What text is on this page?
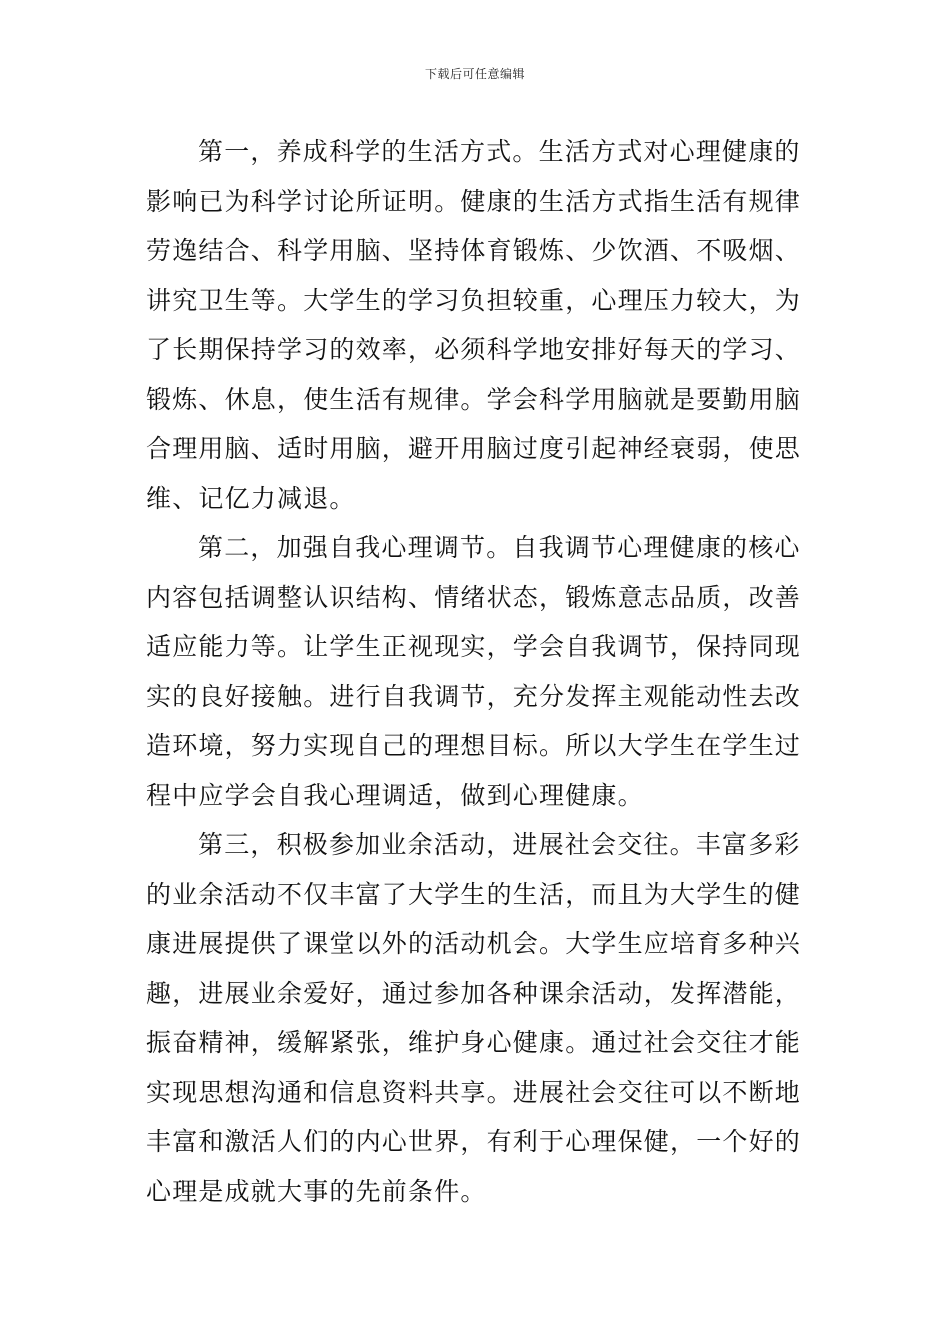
下载后可任意编辑
第一，养成科学的生活方式。生活方式对心理健康的
影响已为科学讨论所证明。健康的生活方式指生活有规律
劳逸结合、科学用脑、坚持体育锻炼、少饮酒、不吸烟、
讲究卫生等。大学生的学习负担较重，心理压力较大，为
了长期保持学习的效率，必须科学地安排好每天的学习、
锻炼、休息，使生活有规律。学会科学用脑就是要勤用脑
合理用脑、适时用脑，避开用脑过度引起神经衰弱，使思
维、记亿力减退。
第二，加强自我心理调节。自我调节心理健康的核心
内容包括调整认识结构、情绪状态，锻炼意志品质，改善
适应能力等。让学生正视现实，学会自我调节，保持同现
实的良好接触。进行自我调节，充分发挥主观能动性去改
造环境，努力实现自己的理想目标。所以大学生在学生过
程中应学会自我心理调适，做到心理健康。
第三，积极参加业余活动，进展社会交往。丰富多彩
的业余活动不仅丰富了大学生的生活，而且为大学生的健
康进展提供了课堂以外的活动机会。大学生应培育多种兴
趣，进展业余爱好，通过参加各种课余活动，发挥潜能，
振奋精神，缓解紧张，维护身心健康。通过社会交往才能
实现思想沟通和信息资料共享。进展社会交往可以不断地
丰富和激活人们的内心世界，有利于心理保健，一个好的
心理是成就大事的先前条件。
